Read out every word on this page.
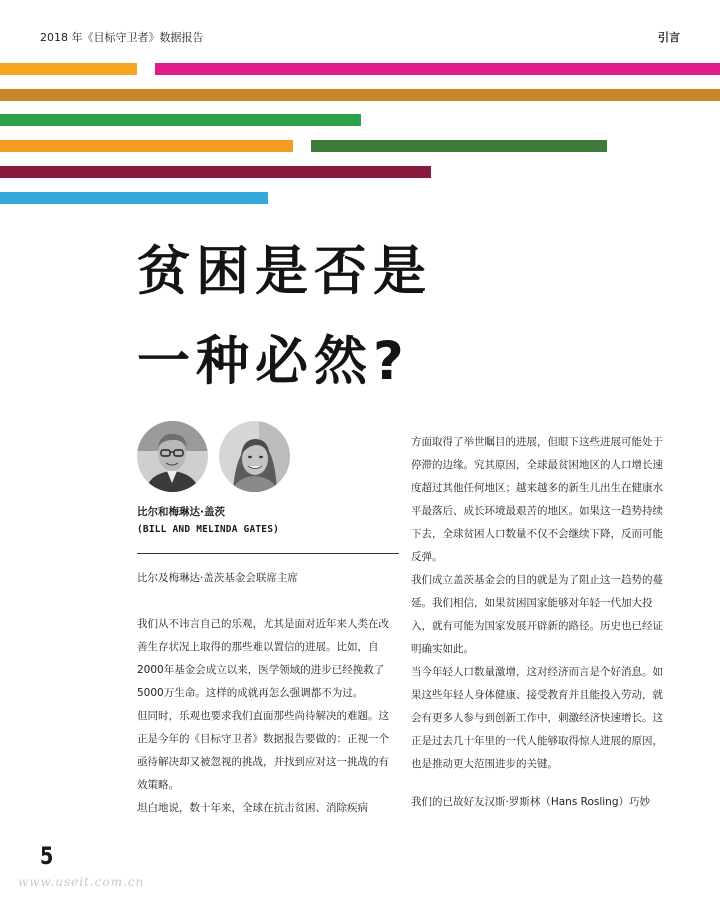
2018 年《目标守卫者》数据报告	引言
贫困是否是
一种必然?
比尔和梅琳达·盖茨
(BILL AND MELINDA GATES)
比尔及梅琳达·盖茨基金会联席主席

我们从不讳言自己的乐观，尤其是面对近年来人类在改善生存状况上取得的那些难以置信的进展。比如，自2000年基金会成立以来，医学领域的进步已经挽救了5000万生命。这样的成就再怎么强调都不为过。

但同时，乐观也要求我们直面那些尚待解决的难题。这正是今年的《目标守卫者》数据报告要做的：正视一个亟待解决却又被忽视的挑战，并找到应对这一挑战的有效策略。

坦白地说，数十年来，全球在抗击贫困、消除疾病

方面取得了举世瞩目的进展，但眼下这些进展可能处于停滞的边缘。究其原因，全球最贫困地区的人口增长速度超过其他任何地区；越来越多的新生儿出生在健康水平最落后、成长环境最艰苦的地区。如果这一趋势持续下去，全球贫困人口数量不仅不会继续下降，反而可能反弹。

我们成立盖茨基金会的目的就是为了阻止这一趋势的蔓延。我们相信，如果贫困国家能够对年轻一代加大投入，就有可能为国家发展开辟新的路径。历史也已经证明确实如此。

当今年轻人口数量激增，这对经济而言是个好消息。如果这些年轻人身体健康、接受教育并且能投入劳动，就会有更多人参与到创新工作中，刺激经济快速增长。这正是过去几十年里的一代人能够取得惊人进展的原因，也是推动更大范围进步的关键。

我们的已故好友汉斯·罗斯林（Hans Rosling）巧妙

5
www.useit.com.cn
